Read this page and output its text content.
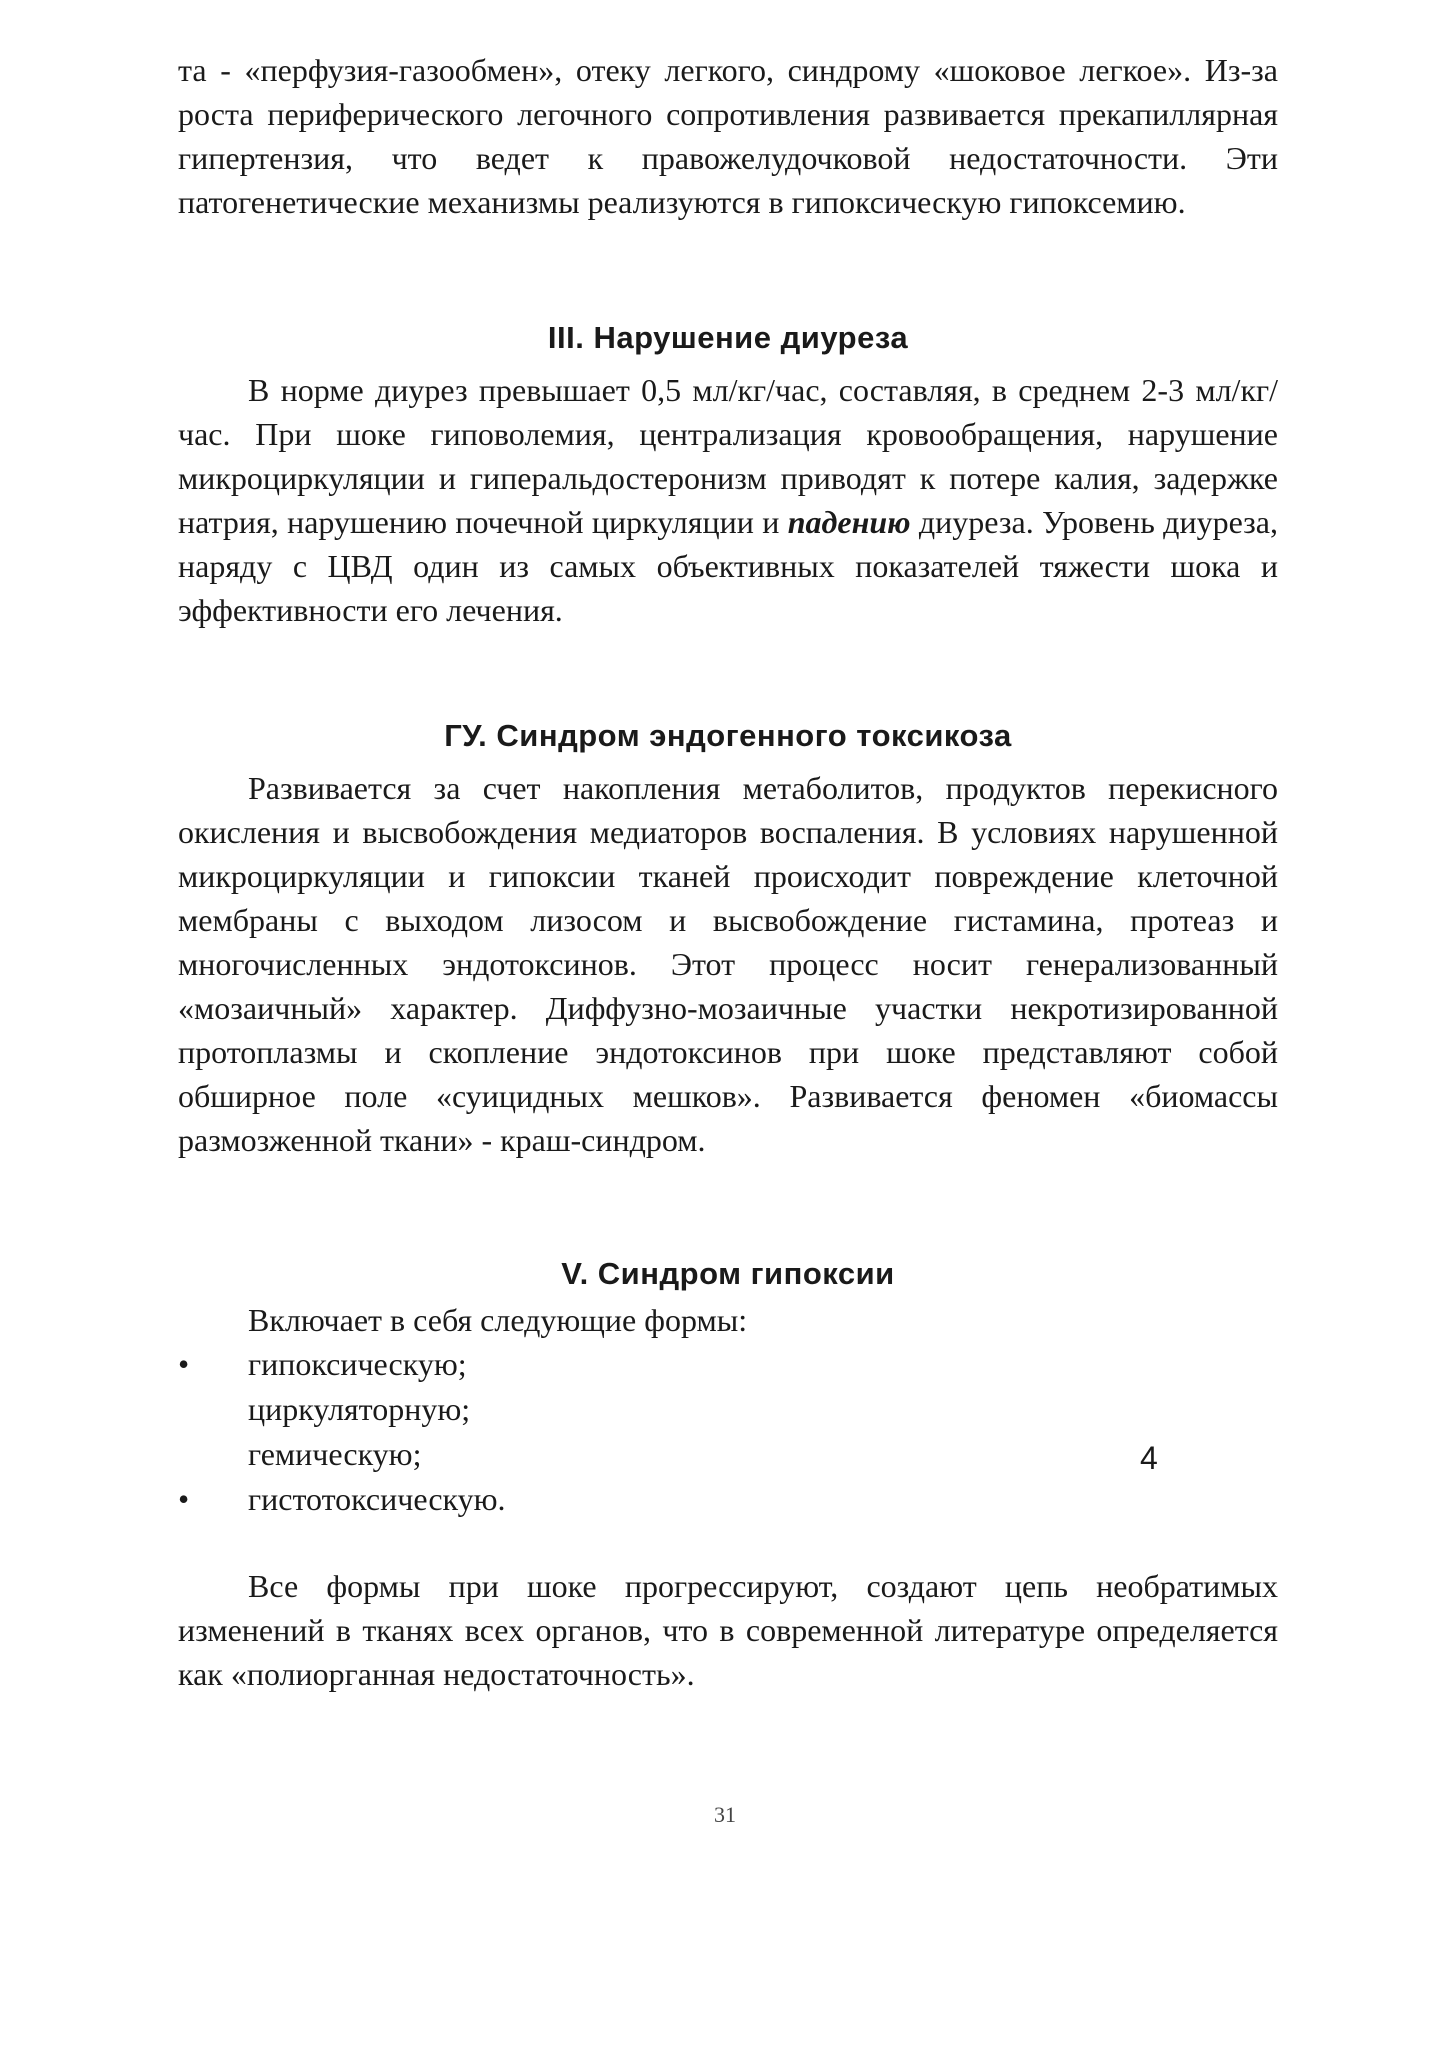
та - «перфузия-газообмен», отеку легкого, синдрому «шоковое легкое». Из-за роста периферического легочного сопротивления развивается прекапиллярная гипертензия, что ведет к правожелудочковой недостаточности. Эти патогенетические механизмы реализуются в гипоксическую гипоксемию.

III. Нарушение диуреза

В норме диурез превышает 0,5 мл/кг/час, составляя, в среднем 2-3 мл/кг/час. При шоке гиповолемия, централизация кровообращения, нарушение микроциркуляции и гиперальдостеронизм приводят к потере калия, задержке натрия, нарушению почечной циркуляции и падению диуреза. Уровень диуреза, наряду с ЦВД один из самых объективных показателей тяжести шока и эффективности его лечения.

ГУ. Синдром эндогенного токсикоза

Развивается за счет накопления метаболитов, продуктов перекисного окисления и высвобождения медиаторов воспаления. В условиях нарушенной микроциркуляции и гипоксии тканей происходит повреждение клеточной мембраны с выходом лизосом и высвобождение гистамина, протеаз и многочисленных эндотоксинов. Этот процесс носит генерализованный «мозаичный» характер. Диффузно-мозаичные участки некротизированной протоплазмы и скопление эндотоксинов при шоке представляют собой обширное поле «суицидных мешков». Развивается феномен «биомассы размозженной ткани» - краш-синдром.

V. Синдром гипоксии

Включает в себя следующие формы:

•	гипоксическую;
циркуляторную;
гемическую;
•	гистотоксическую.

Все формы при шоке прогрессируют, создают цепь необратимых изменений в тканях всех органов, что в современной литературе определяется как «полиорганная недостаточность».

4
31
